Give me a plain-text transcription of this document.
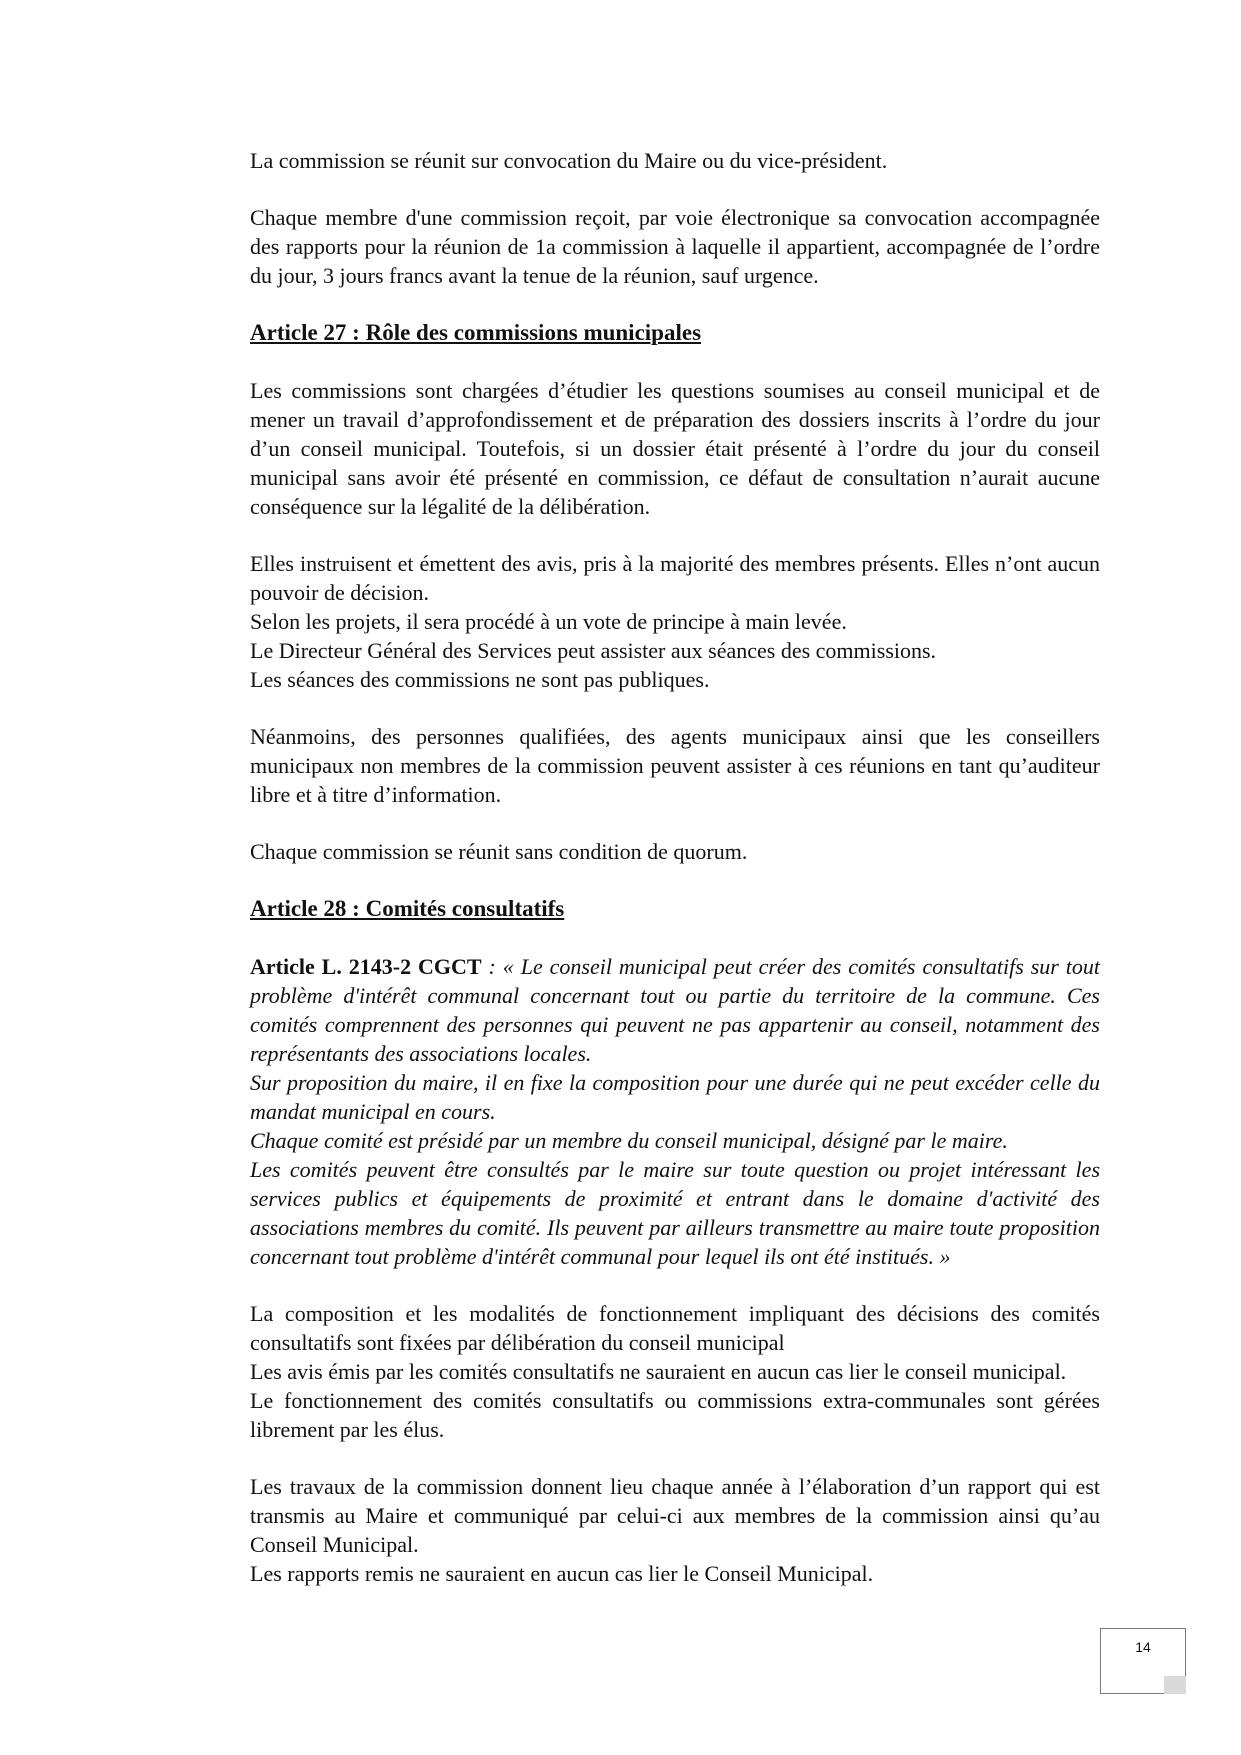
La commission se réunit sur convocation du Maire ou du vice-président.

Chaque membre d'une commission reçoit, par voie électronique sa convocation accompagnée des rapports pour la réunion de 1a commission à laquelle il appartient, accompagnée de l’ordre du jour, 3 jours francs avant la tenue de la réunion, sauf urgence.

Article 27 : Rôle des commissions municipales

Les commissions sont chargées d’étudier les questions soumises au conseil municipal et de mener un travail d’approfondissement et de préparation des dossiers inscrits à l’ordre du jour d’un conseil municipal. Toutefois, si un dossier était présenté à l’ordre du jour du conseil municipal sans avoir été présenté en commission, ce défaut de consultation n’aurait aucune conséquence sur la légalité de la délibération.

Elles instruisent et émettent des avis, pris à la majorité des membres présents. Elles n’ont aucun pouvoir de décision.

Selon les projets, il sera procédé à un vote de principe à main levée.

Le Directeur Général des Services peut assister aux séances des commissions.

Les séances des commissions ne sont pas publiques.

Néanmoins, des personnes qualifiées, des agents municipaux ainsi que les conseillers municipaux non membres de la commission peuvent assister à ces réunions en tant qu’auditeur libre et à titre d’information.

Chaque commission se réunit sans condition de quorum.

Article 28 : Comités consultatifs

Article L. 2143-2 CGCT : « Le conseil municipal peut créer des comités consultatifs sur tout problème d'intérêt communal concernant tout ou partie du territoire de la commune. Ces comités comprennent des personnes qui peuvent ne pas appartenir au conseil, notamment des représentants des associations locales.

Sur proposition du maire, il en fixe la composition pour une durée qui ne peut excéder celle du mandat municipal en cours.

Chaque comité est présidé par un membre du conseil municipal, désigné par le maire.

Les comités peuvent être consultés par le maire sur toute question ou projet intéressant les services publics et équipements de proximité et entrant dans le domaine d'activité des associations membres du comité. Ils peuvent par ailleurs transmettre au maire toute proposition concernant tout problème d'intérêt communal pour lequel ils ont été institués. »

La composition et les modalités de fonctionnement impliquant des décisions des comités consultatifs sont fixées par délibération du conseil municipal

Les avis émis par les comités consultatifs ne sauraient en aucun cas lier le conseil municipal.

Le fonctionnement des comités consultatifs ou commissions extra-communales sont gérées librement par les élus.

Les travaux de la commission donnent lieu chaque année à l’élaboration d’un rapport qui est transmis au Maire et communiqué par celui-ci aux membres de la commission ainsi qu’au Conseil Municipal.

Les rapports remis ne sauraient en aucun cas lier le Conseil Municipal.

14
